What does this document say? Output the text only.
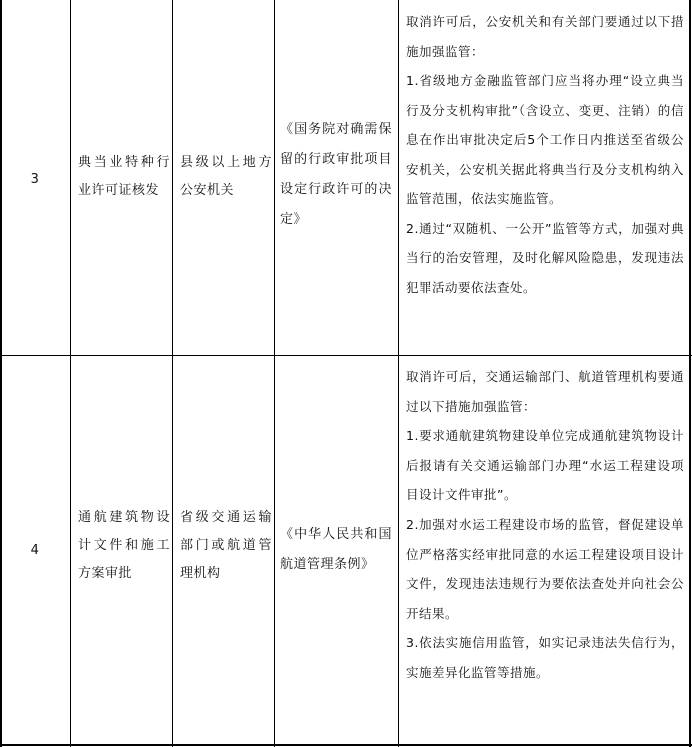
3
典当业特种行业许可证核发
县级以上地方公安机关
《国务院对确需保留的行政审批项目设定行政许可的决定》

取消许可后，公安机关和有关部门要通过以下措施加强监管：

1.省级地方金融监管部门应当将办理“设立典当行及分支机构审批”（含设立、变更、注销）的信息在作出审批决定后5个工作日内推送至省级公安机关，公安机关据此将典当行及分支机构纳入监管范围，依法实施监管。

2.通过“双随机、一公开”监管等方式，加强对典当行的治安管理，及时化解风险隐患，发现违法犯罪活动要依法查处。

4
通航建筑物设计文件和施工方案审批
省级交通运输部门或航道管理机构
《中华人民共和国航道管理条例》

取消许可后，交通运输部门、航道管理机构要通过以下措施加强监管：

1.要求通航建筑物建设单位完成通航建筑物设计后报请有关交通运输部门办理“水运工程建设项目设计文件审批”。

2.加强对水运工程建设市场的监管，督促建设单位严格落实经审批同意的水运工程建设项目设计文件，发现违法违规行为要依法查处并向社会公开结果。

3.依法实施信用监管，如实记录违法失信行为，实施差异化监管等措施。
